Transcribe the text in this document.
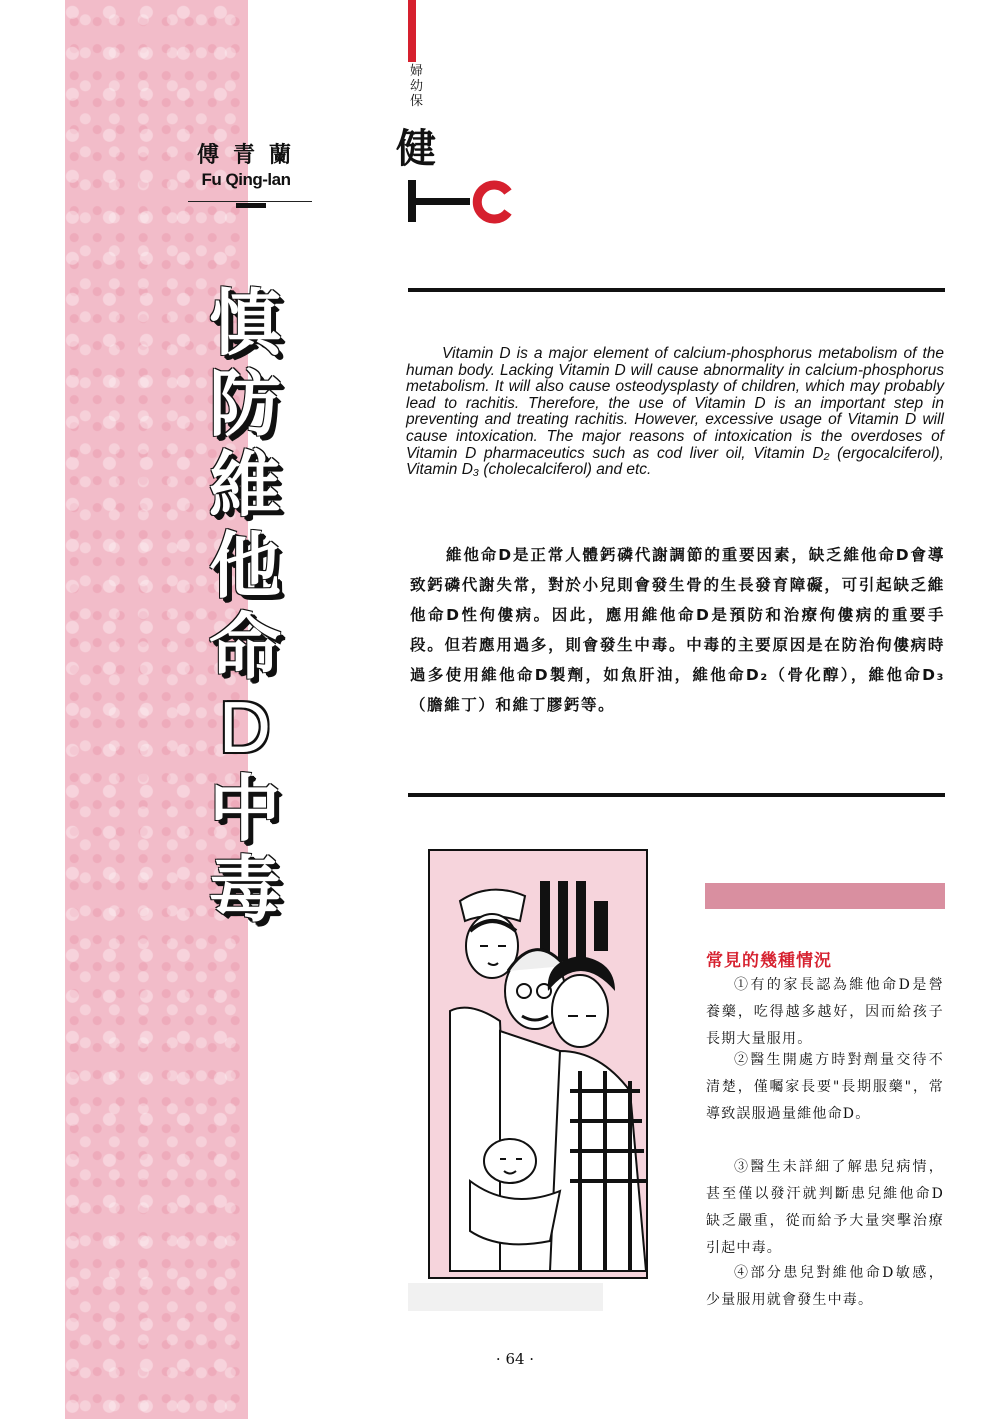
傅青蘭
Fu Qing-lan
慎
防
維
他
命
D
中
毒
婦幼保
健

Vitamin D is a major element of calcium-phosphorus metabolism of the human body. Lacking Vitamin D will cause abnormality in calcium-phosphorus metabolism. It will also cause osteodysplasty of children, which may probably lead to rachitis. Therefore, the use of Vitamin D is an important step in preventing and treating rachitis. However, excessive usage of Vitamin D will cause intoxication. The major reasons of intoxication is the overdoses of Vitamin D pharmaceutics such as cod liver oil, Vitamin D₂ (ergocalciferol), Vitamin D₃ (cholecalciferol) and etc.

維他命D是正常人體鈣磷代謝調節的重要因素，缺乏維他命D會導致鈣磷代謝失常，對於小兒則會發生骨的生長發育障礙，可引起缺乏維他命D性佝僂病。因此，應用維他命D是預防和治療佝僂病的重要手段。但若應用過多，則會發生中毒。中毒的主要原因是在防治佝僂病時過多使用維他命D製劑，如魚肝油，維他命D₂（骨化醇），維他命D₃（膽維丁）和維丁膠鈣等。

常見的幾種情況

①有的家長認為維他命D是營養藥，吃得越多越好，因而給孩子長期大量服用。

②醫生開處方時對劑量交待不清楚，僅囑家長要"長期服藥"，常導致誤服過量維他命D。

③醫生未詳細了解患兒病情，甚至僅以發汗就判斷患兒維他命D缺乏嚴重，從而給予大量突擊治療引起中毒。

④部分患兒對維他命D敏感，少量服用就會發生中毒。

· 64 ·
